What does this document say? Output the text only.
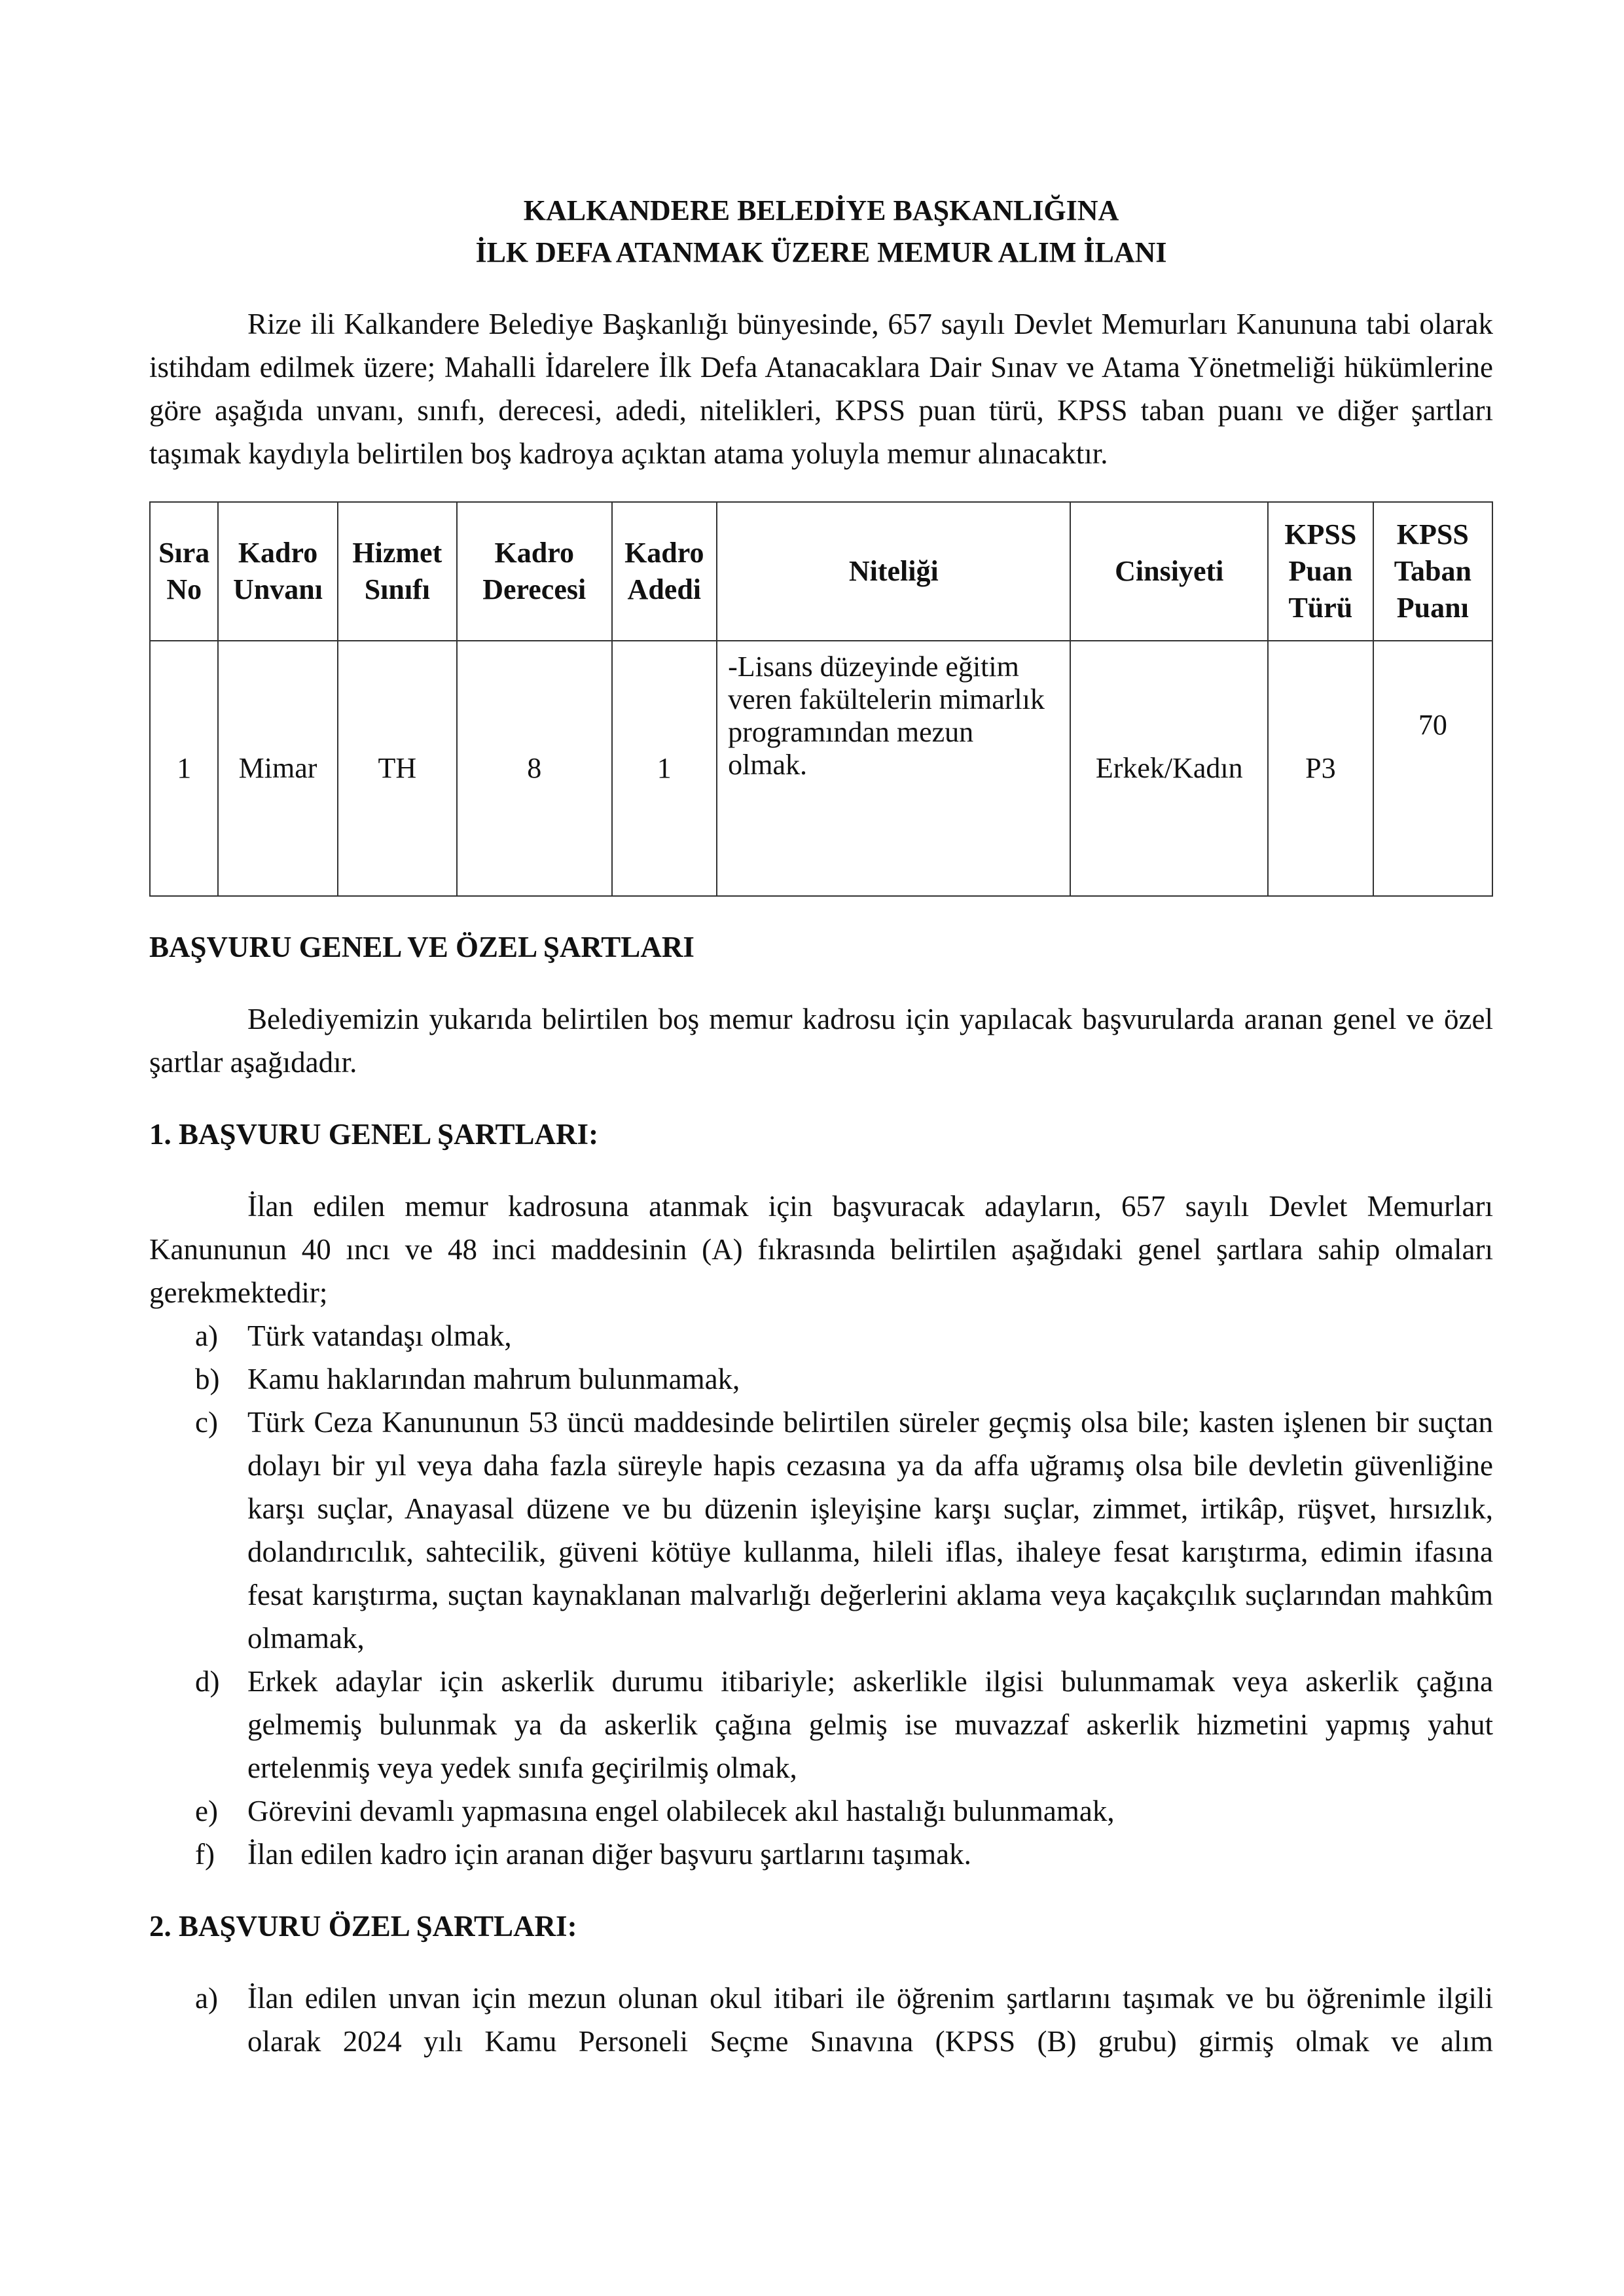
KALKANDERE BELEDİYE BAŞKANLIĞINA

İLK DEFA ATANMAK ÜZERE MEMUR ALIM İLANI

Rize ili Kalkandere Belediye Başkanlığı bünyesinde, 657 sayılı Devlet Memurları Kanununa tabi olarak istihdam edilmek üzere; Mahalli İdarelere İlk Defa Atanacaklara Dair Sınav ve Atama Yönetmeliği hükümlerine göre aşağıda unvanı, sınıfı, derecesi, adedi, nitelikleri, KPSS puan türü, KPSS taban puanı ve diğer şartları taşımak kaydıyla belirtilen boş kadroya açıktan atama yoluyla memur alınacaktır.

Sıra No	Kadro Unvanı	Hizmet Sınıfı	Kadro Derecesi	Kadro Adedi	Niteliği	Cinsiyeti	KPSS Puan Türü	KPSS Taban Puanı
1	Mimar	TH	8	1	-Lisans düzeyinde eğitim veren fakültelerin mimarlık programından mezun olmak.	Erkek/Kadın	P3	70
BAŞVURU GENEL VE ÖZEL ŞARTLARI

Belediyemizin yukarıda belirtilen boş memur kadrosu için yapılacak başvurularda aranan genel ve özel şartlar aşağıdadır.

1. BAŞVURU GENEL ŞARTLARI:

İlan edilen memur kadrosuna atanmak için başvuracak adayların, 657 sayılı Devlet Memurları Kanununun 40 ıncı ve 48 inci maddesinin (A) fıkrasında belirtilen aşağıdaki genel şartlara sahip olmaları gerekmektedir;

a) Türk vatandaşı olmak,
b) Kamu haklarından mahrum bulunmamak,
c) Türk Ceza Kanununun 53 üncü maddesinde belirtilen süreler geçmiş olsa bile; kasten işlenen bir suçtan dolayı bir yıl veya daha fazla süreyle hapis cezasına ya da affa uğramış olsa bile devletin güvenliğine karşı suçlar, Anayasal düzene ve bu düzenin işleyişine karşı suçlar, zimmet, irtikâp, rüşvet, hırsızlık, dolandırıcılık, sahtecilik, güveni kötüye kullanma, hileli iflas, ihaleye fesat karıştırma, edimin ifasına fesat karıştırma, suçtan kaynaklanan malvarlığı değerlerini aklama veya kaçakçılık suçlarından mahkûm olmamak,
d) Erkek adaylar için askerlik durumu itibariyle; askerlikle ilgisi bulunmamak veya askerlik çağına gelmemiş bulunmak ya da askerlik çağına gelmiş ise muvazzaf askerlik hizmetini yapmış yahut ertelenmiş veya yedek sınıfa geçirilmiş olmak,
e) Görevini devamlı yapmasına engel olabilecek akıl hastalığı bulunmamak,
f) İlan edilen kadro için aranan diğer başvuru şartlarını taşımak.
2. BAŞVURU ÖZEL ŞARTLARI:
a) İlan edilen unvan için mezun olunan okul itibari ile öğrenim şartlarını taşımak ve bu öğrenimle ilgili olarak 2024 yılı Kamu Personeli Seçme Sınavına (KPSS (B) grubu) girmiş olmak ve alım
